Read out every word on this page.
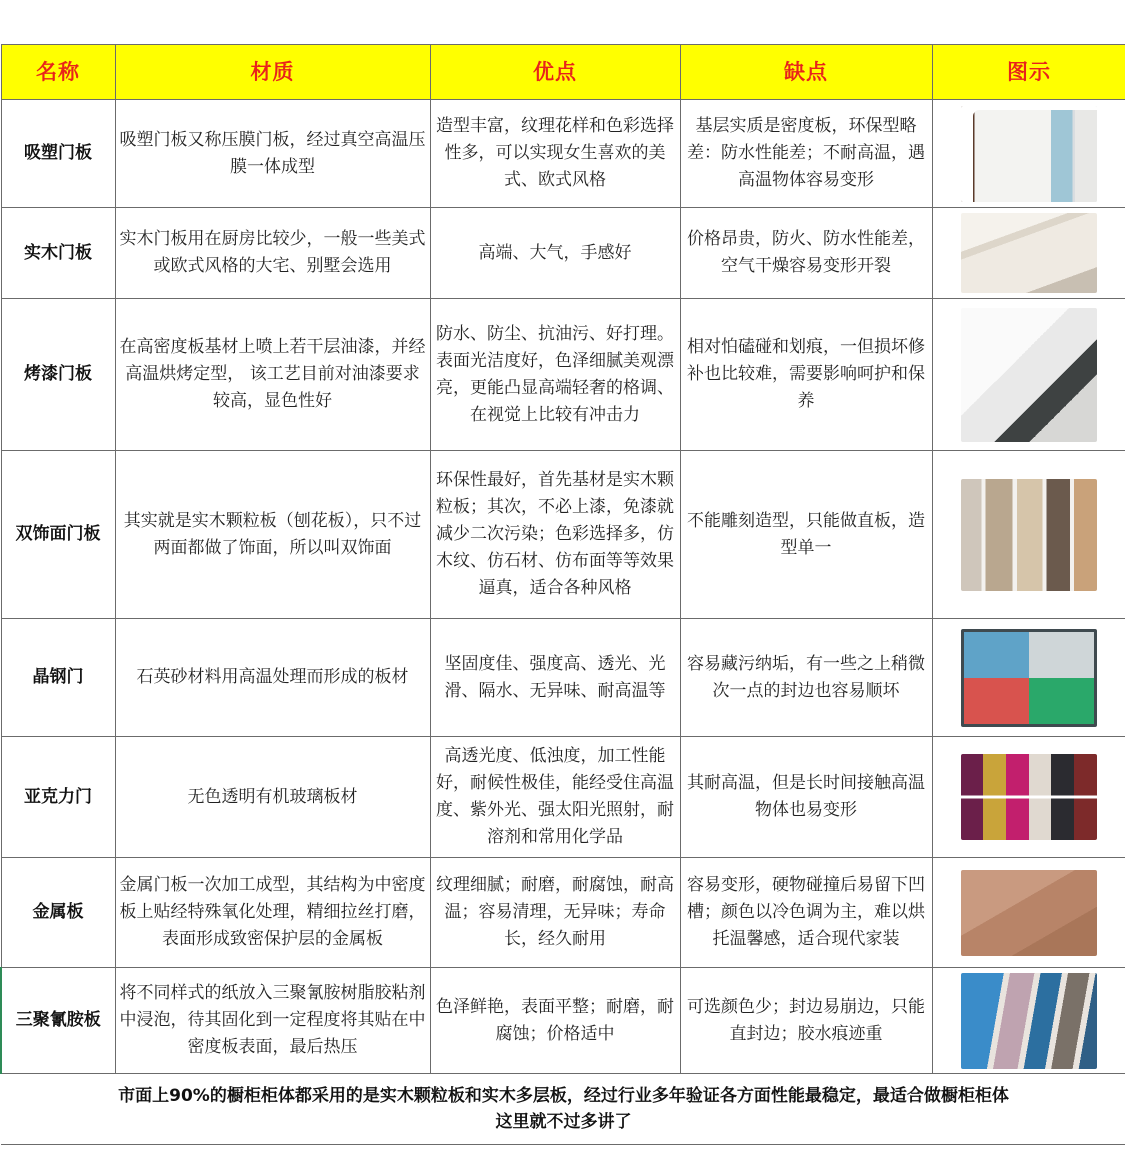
名称	材质	优点	缺点	图示
吸塑门板	吸塑门板又称压膜门板，经过真空高温压膜一体成型	造型丰富，纹理花样和色彩选择性多，可以实现女生喜欢的美式、欧式风格	基层实质是密度板，环保型略差：防水性能差；不耐高温，遇高温物体容易变形	

实木门板	实木门板用在厨房比较少，一般一些美式或欧式风格的大宅、别墅会选用	高端、大气，手感好	价格昂贵，防火、防水性能差，空气干燥容易变形开裂	

烤漆门板	在高密度板基材上喷上若干层油漆，并经高温烘烤定型， 该工艺目前对油漆要求较高，显色性好	防水、防尘、抗油污、好打理。表面光洁度好，色泽细腻美观漂亮，更能凸显高端轻奢的格调、在视觉上比较有冲击力	相对怕磕碰和划痕，一但损坏修补也比较难，需要影响呵护和保养	

双饰面门板	其实就是实木颗粒板（刨花板），只不过两面都做了饰面，所以叫双饰面	环保性最好，首先基材是实木颗粒板；其次，不必上漆，免漆就减少二次污染；色彩选择多，仿木纹、仿石材、仿布面等等效果逼真，适合各种风格	不能雕刻造型，只能做直板，造型单一	

晶钢门	石英砂材料用高温处理而形成的板材	坚固度佳、强度高、透光、光滑、隔水、无异味、耐高温等	容易藏污纳垢，有一些之上稍微次一点的封边也容易顺坏	

亚克力门	无色透明有机玻璃板材	高透光度、低浊度，加工性能好，耐候性极佳，能经受住高温度、紫外光、强太阳光照射，耐溶剂和常用化学品	其耐高温，但是长时间接触高温物体也易变形	

金属板	金属门板一次加工成型，其结构为中密度板上贴经特殊氧化处理，精细拉丝打磨，表面形成致密保护层的金属板	纹理细腻；耐磨，耐腐蚀，耐高温；容易清理，无异味；寿命长，经久耐用	容易变形，硬物碰撞后易留下凹槽；颜色以冷色调为主，难以烘托温馨感，适合现代家装	

三聚氰胺板	将不同样式的纸放入三聚氰胺树脂胶粘剂中浸泡，待其固化到一定程度将其贴在中密度板表面，最后热压	色泽鲜艳，表面平整；耐磨，耐腐蚀；价格适中	可选颜色少；封边易崩边，只能直封边；胶水痕迹重	

市面上90%的橱柜柜体都采用的是实木颗粒板和实木多层板，经过行业多年验证各方面性能最稳定，最适合做橱柜柜体
这里就不过多讲了				
